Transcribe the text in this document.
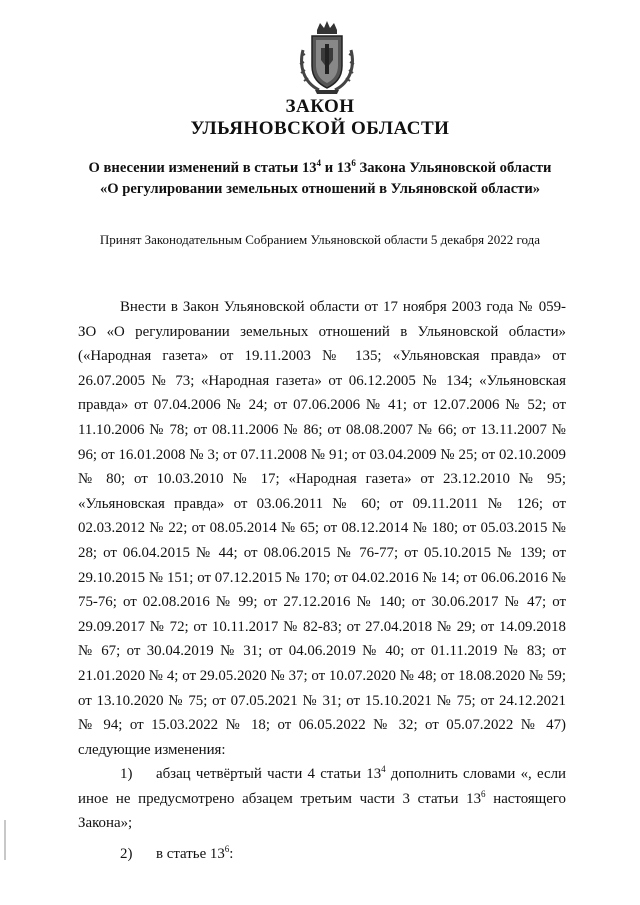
ЗАКОН
УЛЬЯНОВСКОЙ ОБЛАСТИ
О внесении изменений в статьи $13^4$ и $13^6$ Закона Ульяновской области
«О регулировании земельных отношений в Ульяновской области»
Принят Законодательным Собранием Ульяновской области 5 декабря 2022 года

Внести в Закон Ульяновской области от 17 ноября 2003 года № 059-ЗО «О регулировании земельных отношений в Ульяновской области» («Народная газета» от 19.11.2003 № 135; «Ульяновская правда» от 26.07.2005 № 73; «Народная газета» от 06.12.2005 № 134; «Ульяновская правда» от 07.04.2006 № 24; от 07.06.2006 № 41; от 12.07.2006 № 52; от 11.10.2006 № 78; от 08.11.2006 № 86; от 08.08.2007 № 66; от 13.11.2007 № 96; от 16.01.2008 № 3; от 07.11.2008 № 91; от 03.04.2009 № 25; от 02.10.2009 № 80; от 10.03.2010 № 17; «Народная газета» от 23.12.2010 № 95; «Ульяновская правда» от 03.06.2011 № 60; от 09.11.2011 № 126; от 02.03.2012 № 22; от 08.05.2014 № 65; от 08.12.2014 № 180; от 05.03.2015 № 28; от 06.04.2015 № 44; от 08.06.2015 № 76-77; от 05.10.2015 № 139; от 29.10.2015 № 151; от 07.12.2015 № 170; от 04.02.2016 № 14; от 06.06.2016 № 75-76; от 02.08.2016 № 99; от 27.12.2016 № 140; от 30.06.2017 № 47; от 29.09.2017 № 72; от 10.11.2017 № 82-83; от 27.04.2018 № 29; от 14.09.2018 № 67; от 30.04.2019 № 31; от 04.06.2019 № 40; от 01.11.2019 № 83; от 21.01.2020 № 4; от 29.05.2020 № 37; от 10.07.2020 № 48; от 18.08.2020 № 59; от 13.10.2020 № 75; от 07.05.2021 № 31; от 15.10.2021 № 75; от 24.12.2021 № 94; от 15.03.2022 № 18; от 06.05.2022 № 32; от 05.07.2022 № 47) следующие изменения:

1) абзац четвёртый части 4 статьи $13^4$ дополнить словами «, если иное не предусмотрено абзацем третьим части 3 статьи $13^6$ настоящего Закона»;

2) в статье $13^6$:
